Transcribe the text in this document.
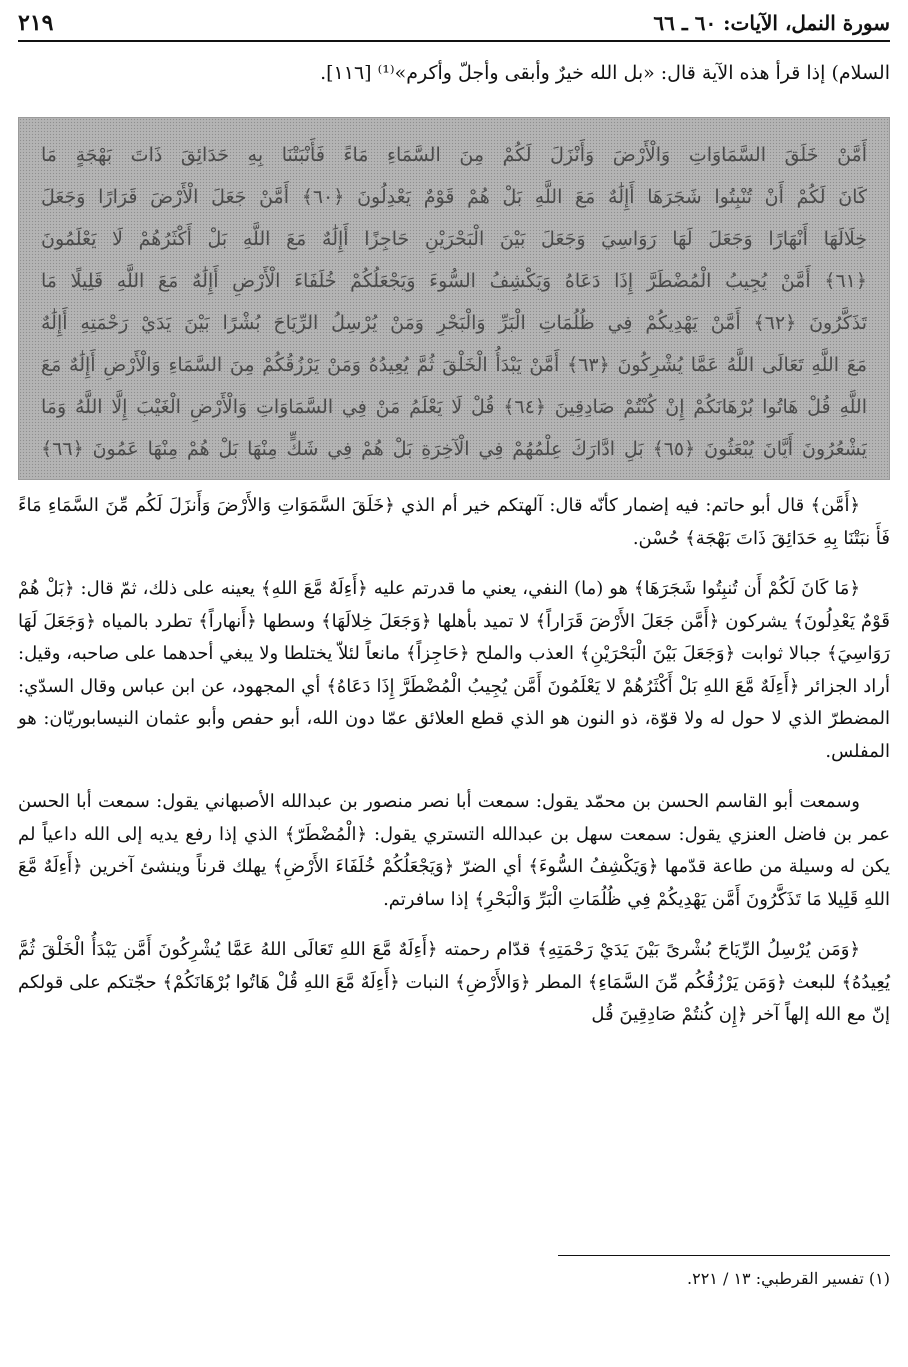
٢١٩	سورة النمل، الآيات: ٦٠ ـ ٦٦
السلام) إذا قرأ هذه الآية قال: «بل الله خيرٌ وأبقى وأجلّ وأكرم»⁽¹⁾ [١١٦].
أَمَّنْ خَلَقَ السَّمَاوَاتِ وَالْأَرْضَ وَأَنْزَلَ لَكُمْ مِنَ السَّمَاءِ مَاءً فَأَنْبَتْنَا بِهِ حَدَائِقَ ذَاتَ بَهْجَةٍ مَا
كَانَ لَكُمْ أَنْ تُنْبِتُوا شَجَرَهَا أَإِلَٰهٌ مَعَ اللَّهِ بَلْ هُمْ قَوْمٌ يَعْدِلُونَ ﴿٦٠﴾ أَمَّنْ جَعَلَ الْأَرْضَ قَرَارًا وَجَعَلَ
خِلَالَهَا أَنْهَارًا وَجَعَلَ لَهَا رَوَاسِيَ وَجَعَلَ بَيْنَ الْبَحْرَيْنِ حَاجِزًا أَإِلَٰهٌ مَعَ اللَّهِ بَلْ أَكْثَرُهُمْ لَا يَعْلَمُونَ
﴿٦١﴾ أَمَّنْ يُجِيبُ الْمُضْطَرَّ إِذَا دَعَاهُ وَيَكْشِفُ السُّوءَ وَيَجْعَلُكُمْ خُلَفَاءَ الْأَرْضِ أَإِلَٰهٌ مَعَ اللَّهِ قَلِيلًا مَا
تَذَكَّرُونَ ﴿٦٢﴾ أَمَّنْ يَهْدِيكُمْ فِي ظُلُمَاتِ الْبَرِّ وَالْبَحْرِ وَمَنْ يُرْسِلُ الرِّيَاحَ بُشْرًا بَيْنَ يَدَيْ رَحْمَتِهِ أَإِلَٰهٌ
مَعَ اللَّهِ تَعَالَى اللَّهُ عَمَّا يُشْرِكُونَ ﴿٦٣﴾ أَمَّنْ يَبْدَأُ الْخَلْقَ ثُمَّ يُعِيدُهُ وَمَنْ يَرْزُقُكُمْ مِنَ السَّمَاءِ وَالْأَرْضِ أَإِلَٰهٌ مَعَ
اللَّهِ قُلْ هَاتُوا بُرْهَانَكُمْ إِنْ كُنْتُمْ صَادِقِينَ ﴿٦٤﴾ قُلْ لَا يَعْلَمُ مَنْ فِي السَّمَاوَاتِ وَالْأَرْضِ الْغَيْبَ إِلَّا اللَّهُ وَمَا
يَشْعُرُونَ أَيَّانَ يُبْعَثُونَ ﴿٦٥﴾ بَلِ ادَّارَكَ عِلْمُهُمْ فِي الْآخِرَةِ بَلْ هُمْ فِي شَكٍّ مِنْهَا بَلْ هُمْ مِنْهَا عَمُونَ ﴿٦٦﴾

﴿أَمَّن﴾ قال أبو حاتم: فيه إضمار كأنّه قال: آلهتكم خير أم الذي ﴿خَلَقَ السَّمَوَاتِ وَالأَرْضَ وَأَنزَلَ لَكُم مِّنَ السَّمَاءِ مَاءً فَأَ نبَتْنَا بِهِ حَدَائِقَ ذَاتَ بَهْجَة﴾ حُسْن.

﴿مَا كَانَ لَكُمْ أَن تُنبِتُوا شَجَرَهَا﴾ هو (ما) النفي، يعني ما قدرتم عليه ﴿أَءِلَهٌ مَّعَ اللهِ﴾ يعينه على ذلك، ثمّ قال: ﴿بَلْ هُمْ قَوْمٌ يَعْدِلُونَ﴾ يشركون ﴿أَمَّن جَعَلَ الأَرْضَ قَرَاراً﴾ لا تميد بأهلها ﴿وَجَعَلَ خِلالَهَا﴾ وسطها ﴿أَنهاراً﴾ تطرد بالمياه ﴿وَجَعَلَ لَهَا رَوَاسِيَ﴾ جبالا ثوابت ﴿وَجَعَلَ بَيْنَ الْبَحْرَيْنِ﴾ العذب والملح ﴿حَاجِزاً﴾ مانعاً لئلاّ يختلطا ولا يبغي أحدهما على صاحبه، وقيل: أراد الجزائر ﴿أَءِلَهٌ مَّعَ اللهِ بَلْ أَكْثَرُهُمْ لا يَعْلَمُونَ أَمَّن يُجِيبُ الْمُضْطَرَّ إِذَا دَعَاهُ﴾ أي المجهود، عن ابن عباس وقال السدّي: المضطرّ الذي لا حول له ولا قوّة، ذو النون هو الذي قطع العلائق عمّا دون الله، أبو حفص وأبو عثمان النيسابوريّان: هو المفلس.

وسمعت أبو القاسم الحسن بن محمّد يقول: سمعت أبا نصر منصور بن عبدالله الأصبهاني يقول: سمعت أبا الحسن عمر بن فاضل العنزي يقول: سمعت سهل بن عبدالله التستري يقول: ﴿الْمُضْطَرّ﴾ الذي إذا رفع يديه إلى الله داعياً لم يكن له وسيلة من طاعة قدّمها ﴿وَيَكْشِفُ السُّوءَ﴾ أي الضرّ ﴿وَيَجْعَلُكُمْ خُلَفَاءَ الأَرْضِ﴾ يهلك قرناً وينشئ آخرين ﴿أَءِلَهٌ مَّعَ اللهِ قَلِيلا مَا تَذَكَّرُونَ أَمَّن يَهْدِيكُمْ فِي ظُلُمَاتِ الْبَرِّ وَالْبَحْرِ﴾ إذا سافرتم.

﴿وَمَن يُرْسِلُ الرِّيَاحَ بُشْرىً بَيْنَ يَدَيْ رَحْمَتِهِ﴾ قدّام رحمته ﴿أَءِلَهٌ مَّعَ اللهِ تَعَالَى اللهُ عَمَّا يُشْرِكُونَ أَمَّن يَبْدَأُ الْخَلْقَ ثُمَّ يُعِيدُهُ﴾ للبعث ﴿وَمَن يَرْزُقُكُم مِّنَ السَّمَاءِ﴾ المطر ﴿وَالأَرْضِ﴾ النبات ﴿أَءِلَهٌ مَّعَ اللهِ قُلْ هَاتُوا بُرْهَانَكُمْ﴾ حجّتكم على قولكم إنّ مع الله إلهاً آخر ﴿إِن كُنتُمْ صَادِقِينَ قُل

(١) تفسير القرطبي: ١٣ / ٢٢١.
